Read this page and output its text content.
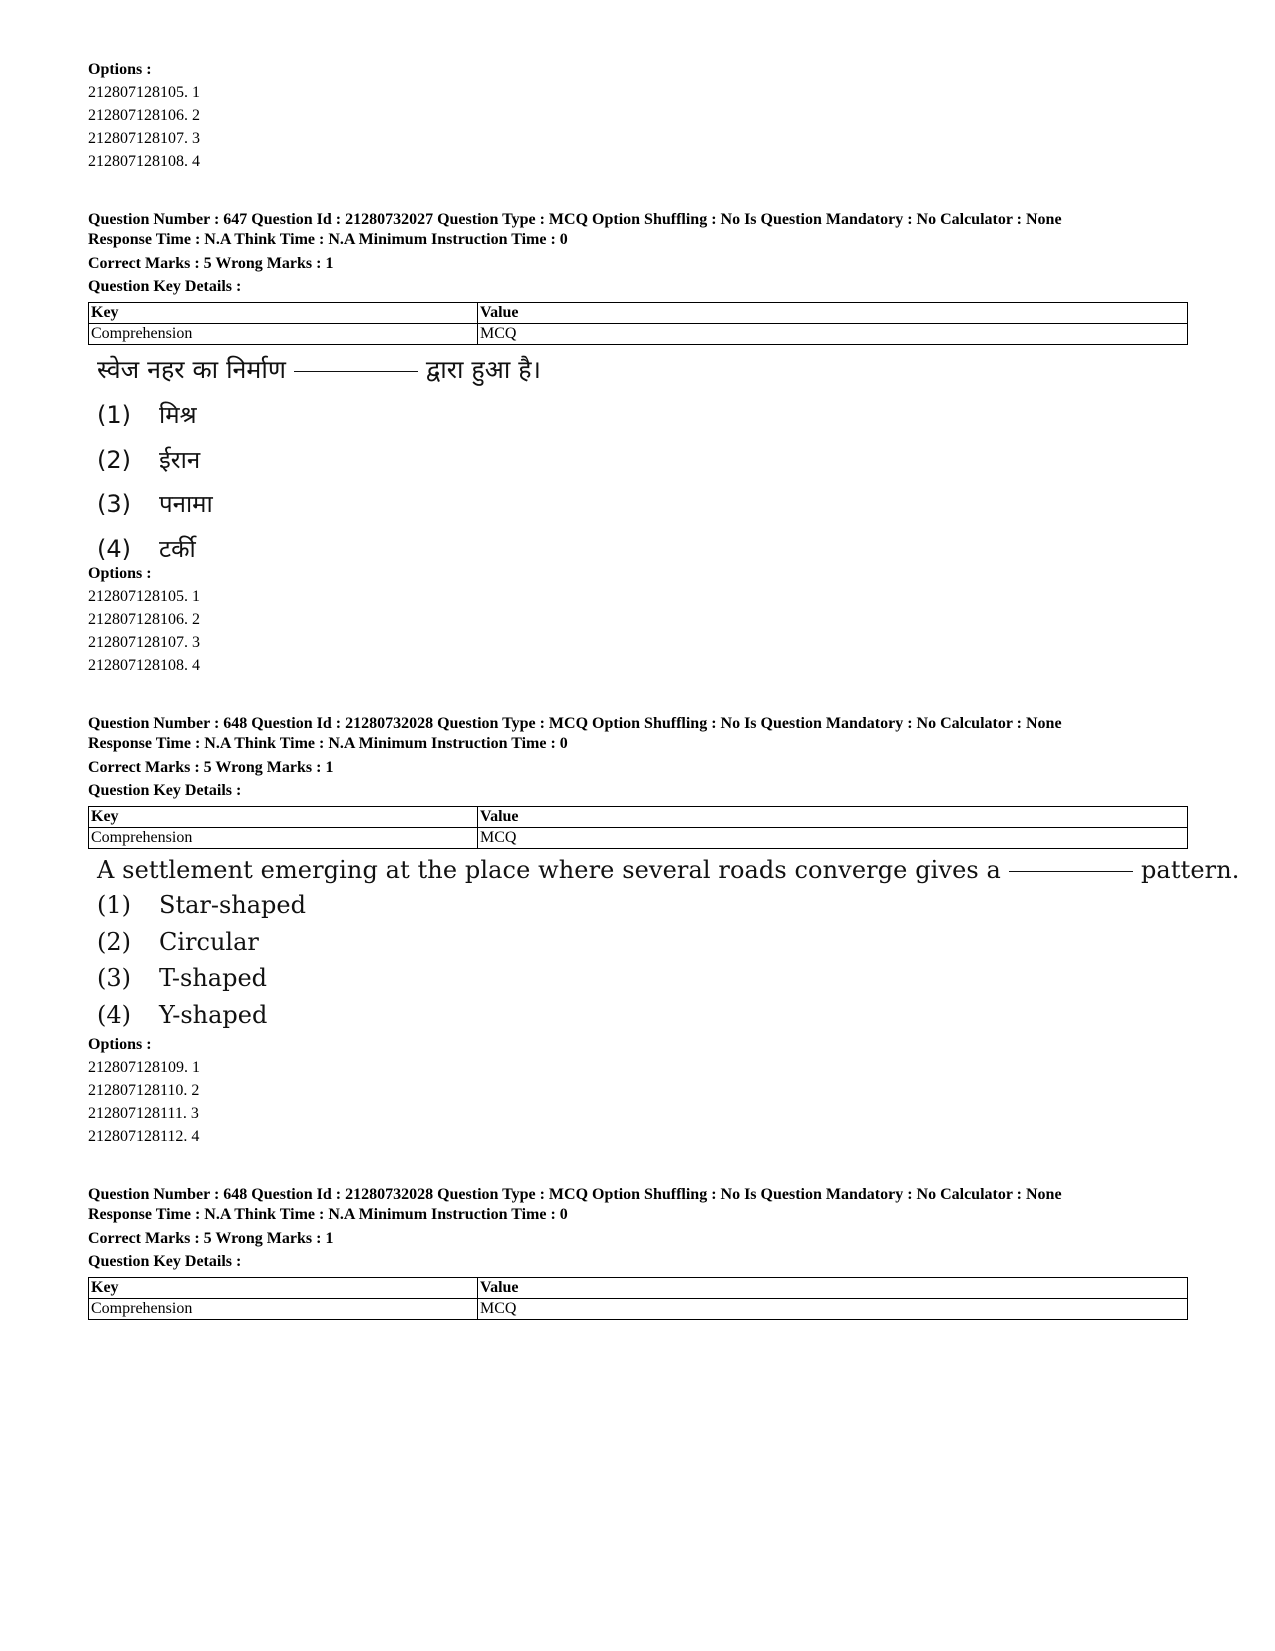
Options :
212807128105. 1
212807128106. 2
212807128107. 3
212807128108. 4
Question Number : 647 Question Id : 21280732027 Question Type : MCQ Option Shuffling : No Is Question Mandatory : No Calculator : None
Response Time : N.A Think Time : N.A Minimum Instruction Time : 0
Correct Marks : 5 Wrong Marks : 1
Question Key Details :
Key	Value
Comprehension	MCQ
स्वेज नहर का निर्माण	द्वारा हुआ है।
(1) मिश्र
(2) ईरान
(3) पनामा
(4) टर्की
Options :
212807128105. 1
212807128106. 2
212807128107. 3
212807128108. 4
Question Number : 648 Question Id : 21280732028 Question Type : MCQ Option Shuffling : No Is Question Mandatory : No Calculator : None
Response Time : N.A Think Time : N.A Minimum Instruction Time : 0
Correct Marks : 5 Wrong Marks : 1
Question Key Details :
Key	Value
Comprehension	MCQ
A settlement emerging at the place where several roads converge gives a	pattern.
(1) Star-shaped
(2) Circular
(3) T-shaped
(4) Y-shaped
Options :
212807128109. 1
212807128110. 2
212807128111. 3
212807128112. 4
Question Number : 648 Question Id : 21280732028 Question Type : MCQ Option Shuffling : No Is Question Mandatory : No Calculator : None
Response Time : N.A Think Time : N.A Minimum Instruction Time : 0
Correct Marks : 5 Wrong Marks : 1
Question Key Details :
Key	Value
Comprehension	MCQ
